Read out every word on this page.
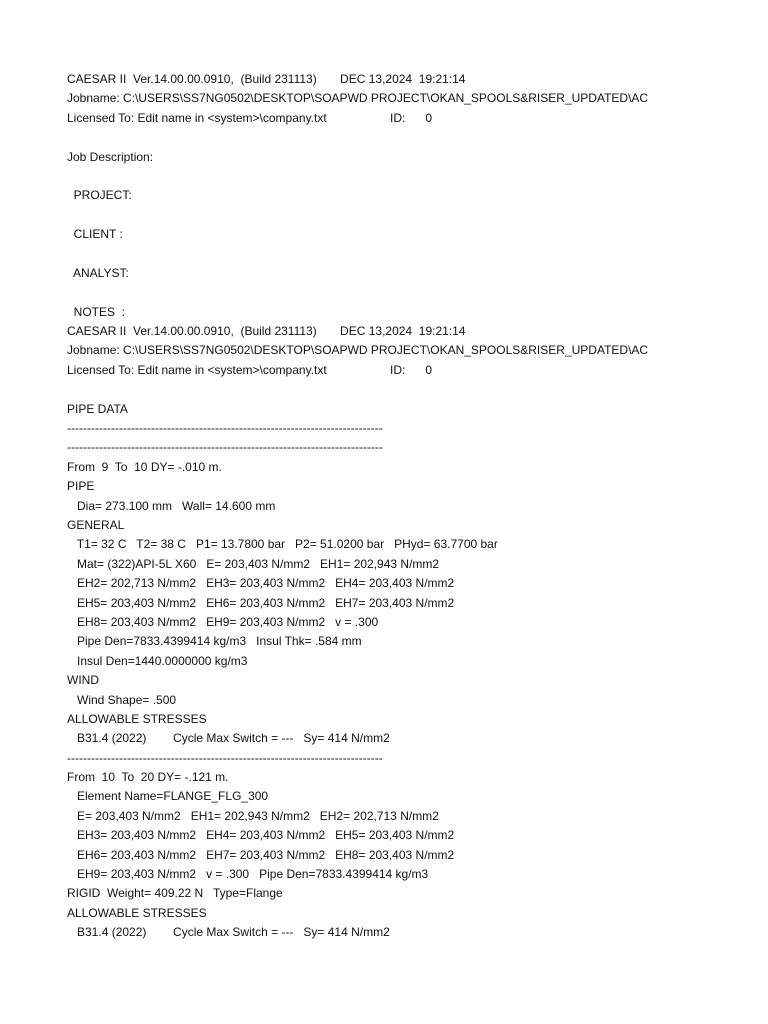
CAESAR II  Ver.14.00.00.0910,  (Build 231113)       DEC 13,2024  19:21:14
Jobname: C:\USERS\SS7NG0502\DESKTOP\SOAPWD PROJECT\OKAN_SPOOLS&RISER_UPDATED\AC
Licensed To: Edit name in <system>\company.txt                   ID:      0
Job Description:
PROJECT:
CLIENT :
ANALYST:
NOTES  :
CAESAR II  Ver.14.00.00.0910,  (Build 231113)       DEC 13,2024  19:21:14
Jobname: C:\USERS\SS7NG0502\DESKTOP\SOAPWD PROJECT\OKAN_SPOOLS&RISER_UPDATED\AC
Licensed To: Edit name in <system>\company.txt                   ID:      0
PIPE DATA
-------------------------------------------------------------------------------
-------------------------------------------------------------------------------
From  9  To  10 DY= -.010 m.
PIPE
Dia= 273.100 mm   Wall= 14.600 mm
GENERAL
T1= 32 C   T2= 38 C   P1= 13.7800 bar   P2= 51.0200 bar   PHyd= 63.7700 bar
Mat= (322)API-5L X60   E= 203,403 N/mm2   EH1= 202,943 N/mm2
EH2= 202,713 N/mm2   EH3= 203,403 N/mm2   EH4= 203,403 N/mm2
EH5= 203,403 N/mm2   EH6= 203,403 N/mm2   EH7= 203,403 N/mm2
EH8= 203,403 N/mm2   EH9= 203,403 N/mm2   v = .300
Pipe Den=7833.4399414 kg/m3   Insul Thk= .584 mm
Insul Den=1440.0000000 kg/m3
WIND
Wind Shape= .500
ALLOWABLE STRESSES
B31.4 (2022)        Cycle Max Switch = ---   Sy= 414 N/mm2
-------------------------------------------------------------------------------
From  10  To  20 DY= -.121 m.
Element Name=FLANGE_FLG_300
E= 203,403 N/mm2   EH1= 202,943 N/mm2   EH2= 202,713 N/mm2
EH3= 203,403 N/mm2   EH4= 203,403 N/mm2   EH5= 203,403 N/mm2
EH6= 203,403 N/mm2   EH7= 203,403 N/mm2   EH8= 203,403 N/mm2
EH9= 203,403 N/mm2   v = .300   Pipe Den=7833.4399414 kg/m3
RIGID  Weight= 409.22 N   Type=Flange
ALLOWABLE STRESSES
B31.4 (2022)        Cycle Max Switch = ---   Sy= 414 N/mm2
